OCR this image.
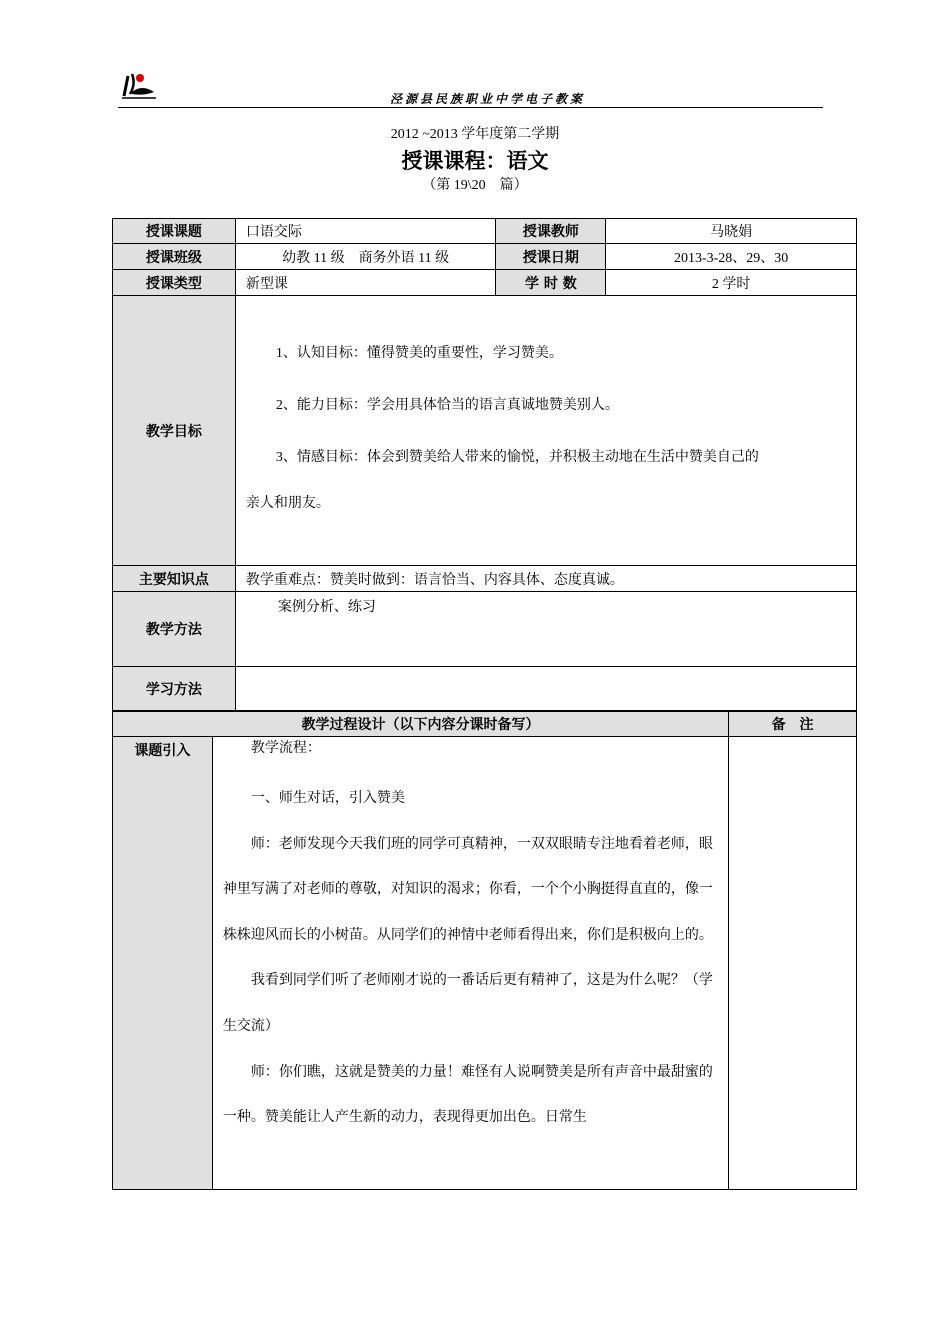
泾源县民族职业中学电子教案
2012 ~2013 学年度第二学期
授课课程：语文
（第 19\20　篇）
授课课题	口语交际	授课教师	马晓娟
授课班级	幼教 11 级　商务外语 11 级	授课日期	2013-3-28、29、30
授课类型	新型课	学 时 数	2 学时
教学目标	1、认知目标：懂得赞美的重要性，学习赞美。

2、能力目标：学会用具体恰当的语言真诚地赞美别人。

3、情感目标：体会到赞美给人带来的愉悦，并积极主动地在生活中赞美自己的

亲人和朋友。		

主要知识点	教学重难点：赞美时做到：语言恰当、内容具体、态度真诚。		
教学方法	案例分析、练习		
学习方法			
教学过程设计（以下内容分课时备写）		备　注
课题引入	教学流程：

一、师生对话，引入赞美

师：老师发现今天我们班的同学可真精神，一双双眼睛专注地看着老师，眼神里写满了对老师的尊敬，对知识的渴求；你看，一个个小胸挺得直直的，像一株株迎风而长的小树苗。从同学们的神情中老师看得出来，你们是积极向上的。

我看到同学们听了老师刚才说的一番话后更有精神了，这是为什么呢？（学生交流）

师：你们瞧，这就是赞美的力量！难怪有人说啊赞美是所有声音中最甜蜜的一种。赞美能让人产生新的动力，表现得更加出色。日常生	
